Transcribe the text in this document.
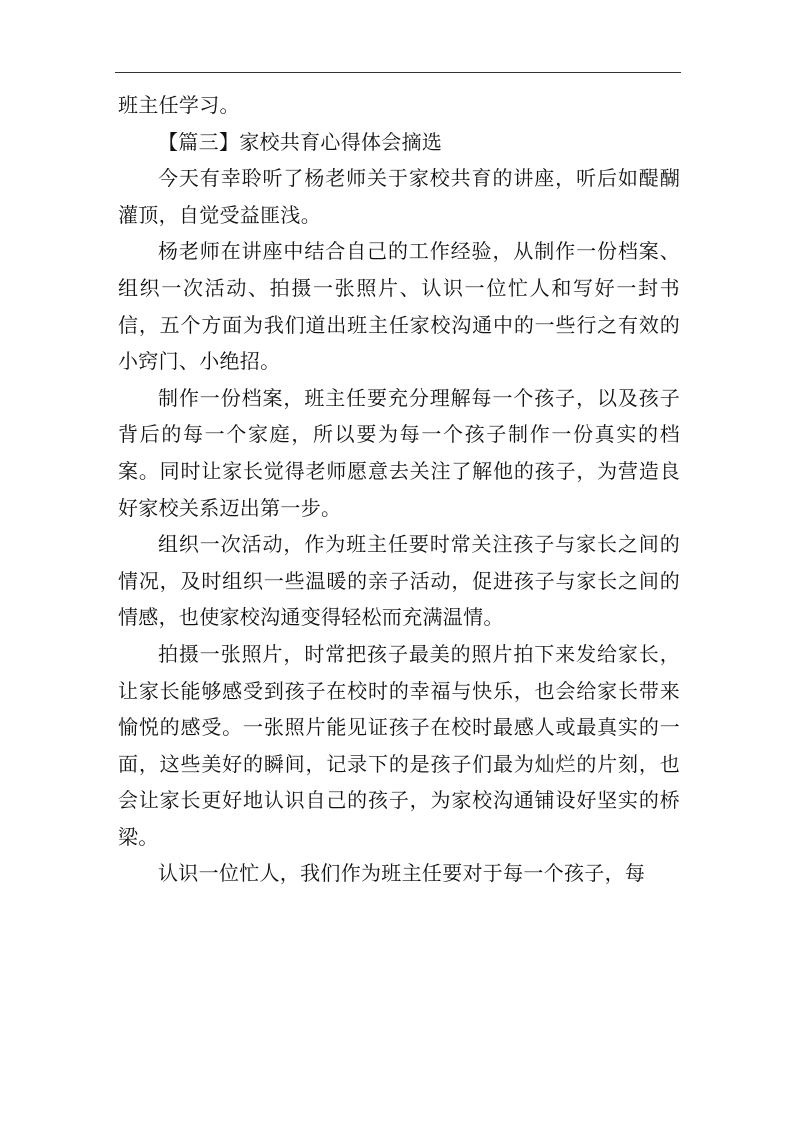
班主任学习。

【篇三】家校共育心得体会摘选

今天有幸聆听了杨老师关于家校共育的讲座，听后如醍醐灌顶，自觉受益匪浅。

杨老师在讲座中结合自己的工作经验，从制作一份档案、组织一次活动、拍摄一张照片、认识一位忙人和写好一封书信，五个方面为我们道出班主任家校沟通中的一些行之有效的小窍门、小绝招。

制作一份档案，班主任要充分理解每一个孩子，以及孩子背后的每一个家庭，所以要为每一个孩子制作一份真实的档案。同时让家长觉得老师愿意去关注了解他的孩子，为营造良好家校关系迈出第一步。

组织一次活动，作为班主任要时常关注孩子与家长之间的情况，及时组织一些温暖的亲子活动，促进孩子与家长之间的情感，也使家校沟通变得轻松而充满温情。

拍摄一张照片，时常把孩子最美的照片拍下来发给家长，让家长能够感受到孩子在校时的幸福与快乐，也会给家长带来愉悦的感受。一张照片能见证孩子在校时最感人或最真实的一面，这些美好的瞬间，记录下的是孩子们最为灿烂的片刻，也会让家长更好地认识自己的孩子，为家校沟通铺设好坚实的桥梁。

认识一位忙人，我们作为班主任要对于每一个孩子，每
